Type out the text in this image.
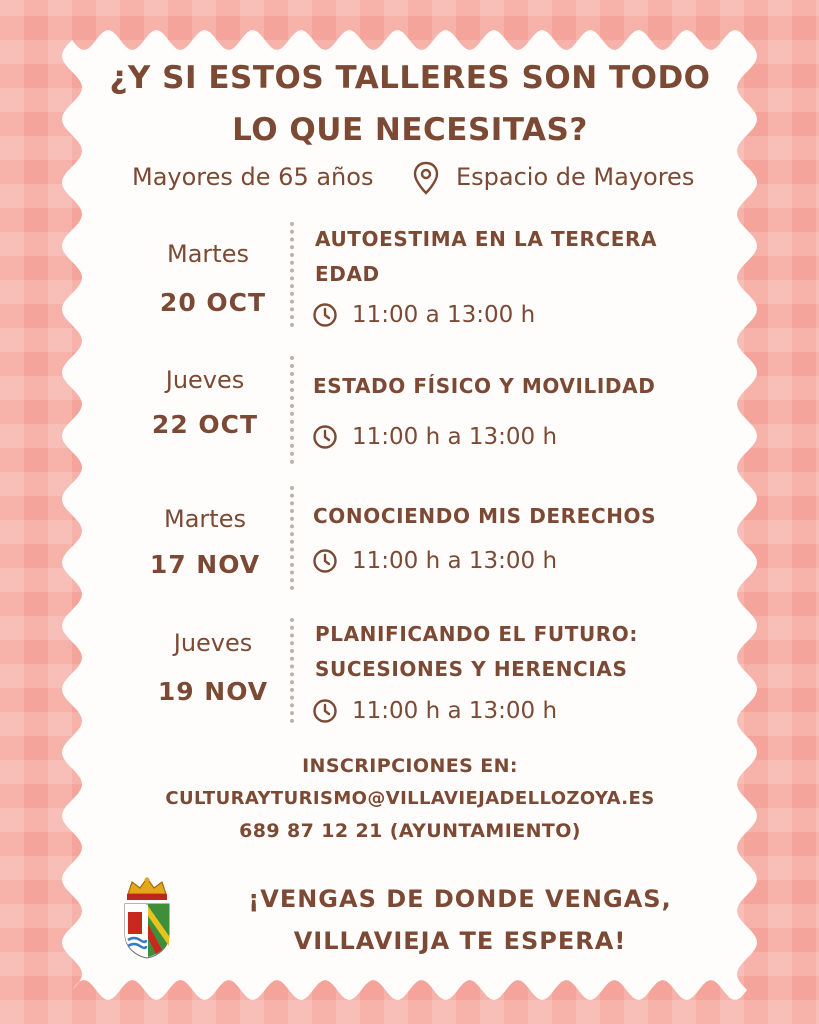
¿Y SI ESTOS TALLERES SON TODO
LO QUE NECESITAS?
Mayores de 65 años	Espacio de Mayores
Martes
20 OCT
AUTOESTIMA EN LA TERCERA
EDAD
11:00 a 13:00 h
Jueves
22 OCT
ESTADO FÍSICO Y MOVILIDAD
11:00 h a 13:00 h
Martes
17 NOV
CONOCIENDO MIS DERECHOS
11:00 h a 13:00 h
Jueves
19 NOV
PLANIFICANDO EL FUTURO:
SUCESIONES Y HERENCIAS
11:00 h a 13:00 h
INSCRIPCIONES EN:
CULTURAYTURISMO@VILLAVIEJADELLOZOYA.ES
689 87 12 21 (AYUNTAMIENTO)
¡VENGAS DE DONDE VENGAS,
VILLAVIEJA TE ESPERA!
